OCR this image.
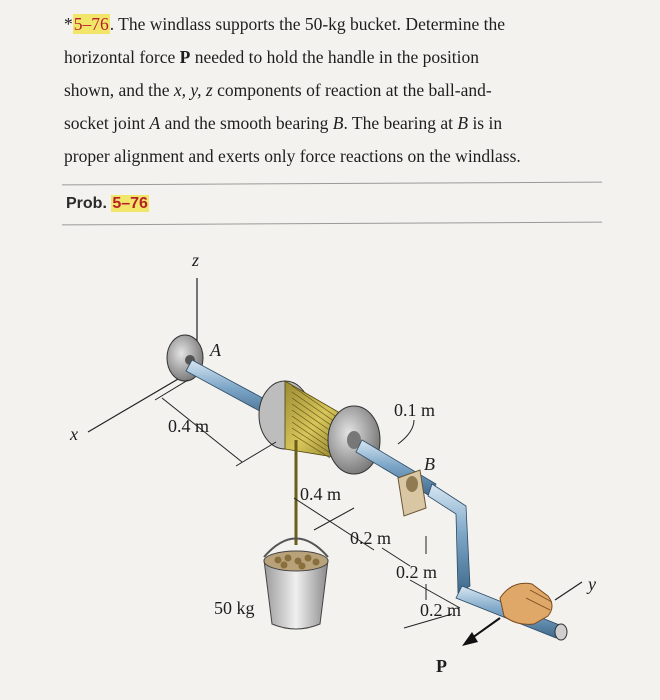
*5–76. The windlass supports the 50-kg bucket. Determine the
horizontal force P needed to hold the handle in the position
shown, and the x, y, z components of reaction at the ball-and-
socket joint A and the smooth bearing B. The bearing at B is in
proper alignment and exerts only force reactions on the windlass.

Prob. 5–76
z
A
x
y
0.4 m
0.1 m
B
0.4 m
0.2 m
0.2 m
0.2 m
50 kg
P
